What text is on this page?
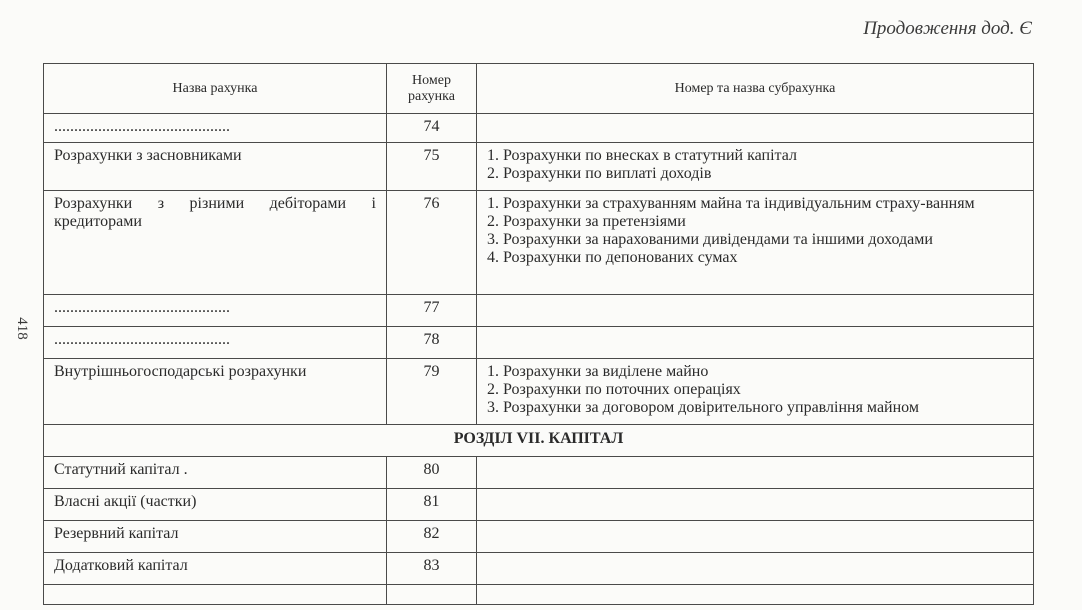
Продовження дод. Є
418
Назва рахунка	Номер рахунка	Номер та назва субрахунка
............................................	74	
Розрахунки з засновниками	75	1. Розрахунки по внесках в статутний капітал
2. Розрахунки по виплаті доходів

Розрахунки з різними дебіторами і кредиторами	76	1. Розрахунки за страхуванням майна та індивідуальним страху-ванням
2. Розрахунки за претензіями
3. Розрахунки за нарахованими дивідендами та іншими доходами
4. Розрахунки по депонованих сумах

............................................	77	
............................................	78	
Внутрішньогосподарські розрахунки	79	1. Розрахунки за виділене майно
2. Розрахунки по поточних операціях
3. Розрахунки за договором довірительного управління майном

РОЗДІЛ VII. КАПІТАЛ		
Статутний капітал .	80	
Власні акції (частки)	81	
Резервний капітал	82	
Додатковий капітал	83	
